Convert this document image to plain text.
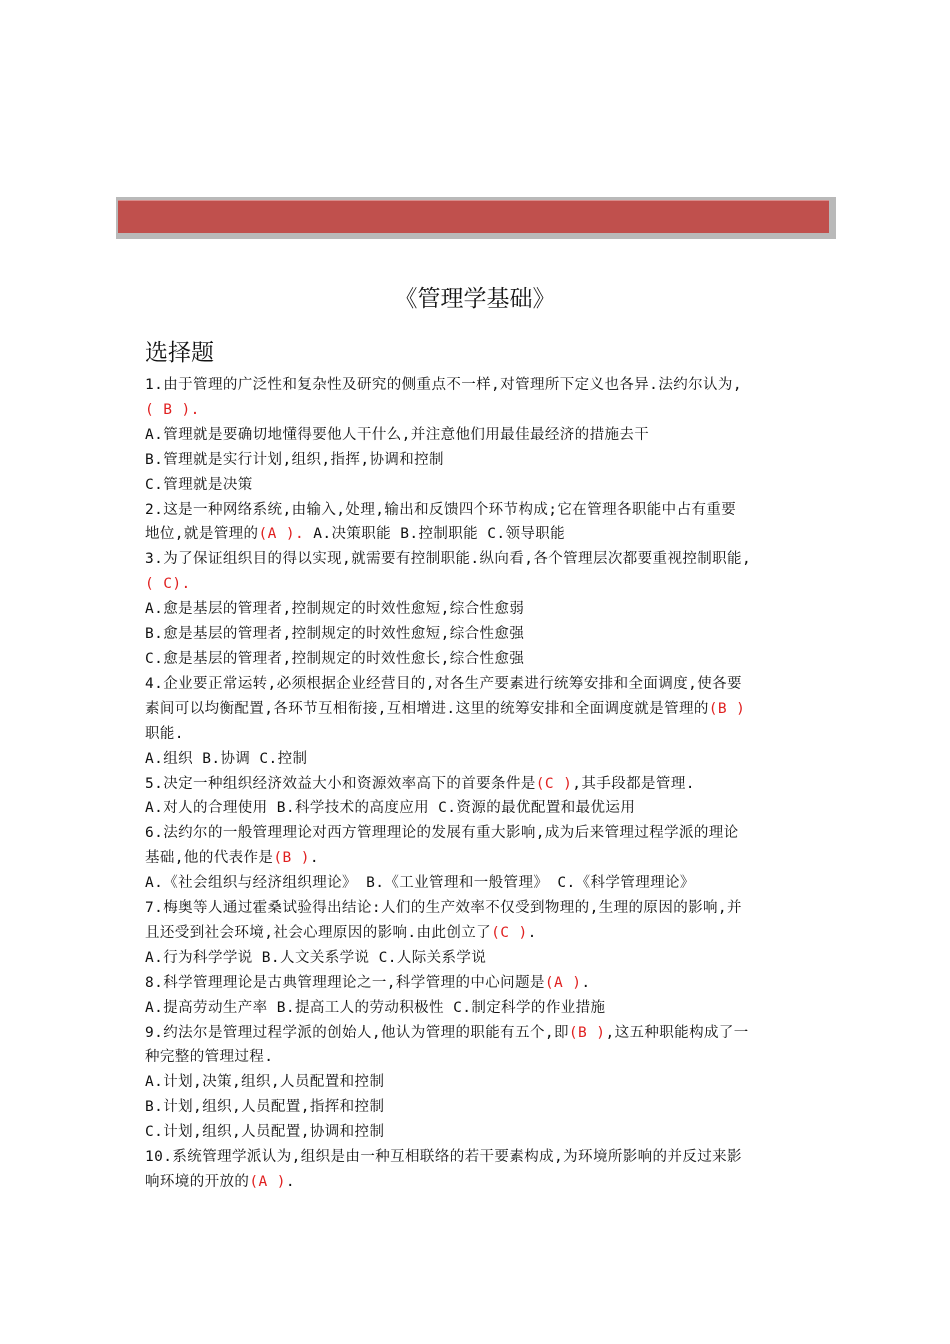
《管理学基础》
选择题
1.由于管理的广泛性和复杂性及研究的侧重点不一样,对管理所下定义也各异.法约尔认为,
( B ).
A.管理就是要确切地懂得要他人干什么,并注意他们用最佳最经济的措施去干
B.管理就是实行计划,组织,指挥,协调和控制
C.管理就是决策
2.这是一种网络系统,由输入,处理,输出和反馈四个环节构成;它在管理各职能中占有重要
地位,就是管理的(A ). A.决策职能 B.控制职能 C.领导职能
3.为了保证组织目的得以实现,就需要有控制职能.纵向看,各个管理层次都要重视控制职能,
( C).
A.愈是基层的管理者,控制规定的时效性愈短,综合性愈弱
B.愈是基层的管理者,控制规定的时效性愈短,综合性愈强
C.愈是基层的管理者,控制规定的时效性愈长,综合性愈强
4.企业要正常运转,必须根据企业经营目的,对各生产要素进行统筹安排和全面调度,使各要
素间可以均衡配置,各环节互相衔接,互相增进.这里的统筹安排和全面调度就是管理的(B )
职能.
A.组织 B.协调 C.控制
5.决定一种组织经济效益大小和资源效率高下的首要条件是(C ),其手段都是管理.
A.对人的合理使用 B.科学技术的高度应用 C.资源的最优配置和最优运用
6.法约尔的一般管理理论对西方管理理论的发展有重大影响,成为后来管理过程学派的理论
基础,他的代表作是(B ).
A.《社会组织与经济组织理论》 B.《工业管理和一般管理》 C.《科学管理理论》
7.梅奥等人通过霍桑试验得出结论:人们的生产效率不仅受到物理的,生理的原因的影响,并
且还受到社会环境,社会心理原因的影响.由此创立了(C ).
A.行为科学学说 B.人文关系学说 C.人际关系学说
8.科学管理理论是古典管理理论之一,科学管理的中心问题是(A ).
A.提高劳动生产率 B.提高工人的劳动积极性 C.制定科学的作业措施
9.约法尔是管理过程学派的创始人,他认为管理的职能有五个,即(B ),这五种职能构成了一
种完整的管理过程.
A.计划,决策,组织,人员配置和控制
B.计划,组织,人员配置,指挥和控制
C.计划,组织,人员配置,协调和控制
10.系统管理学派认为,组织是由一种互相联络的若干要素构成,为环境所影响的并反过来影
响环境的开放的(A ).
